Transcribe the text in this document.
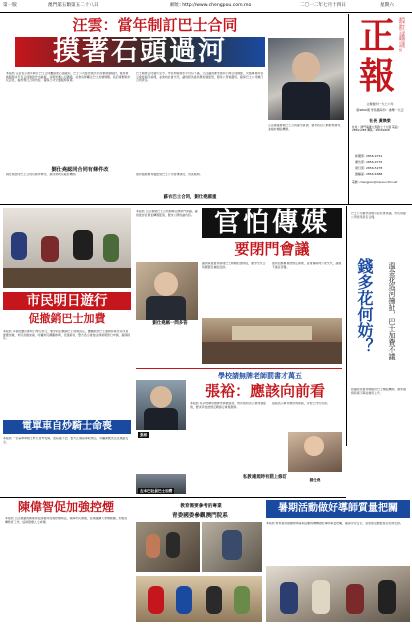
第一版	澳門第五類第五二十八日	網址: http://www.chengpou.com.mo	二〇一二年七月十四日	星期六
汪雲：當年制訂巴士合同
摸著石頭過河
本報訊 汪雲表示當年制訂巴士合同屬摸著石頭過河，巴士公司經營模式仍需要時間檢討，當局會就服務水平及合同條款作出檢視，並與營運公司溝通，社會各界關注巴士加費問題，政府會聽取市民意見，檢討現行合同內容，確保公共交通服務質素。
巴士服務合同簽訂至今，市民對服務水平仍有不滿，立法議員要求當局公開合同細節，交通事務局表示會按程序處理，並會向社會交代，議員認為當局應加強監管，避免公帑被濫用，確保巴士公司履行合同責任。
劉仕堯認同合同有條件改
劉仕堯認同巴士合同有條件修改，當局會研究檢討機制。	當局強調會持續監察巴士公司營運情況，改善服務。
立法會議員就巴士合同提出質詢，要求政府公開財務資料，並檢討補貼機制。
蘇衣巴士合同，劉仕堯國重
正報
澳門報業歷史悠久大眾喜歡閱讀可靠的報紙
主辦創刊一九七六年
第9800期 零售價每份：港幣一元正
社長 黃煥榮
社址：澳門海邊大馬路七十九號 電話：28561288 傳真：28561866
新聞部: 2856-9752
廣告部: 2856-9776
發行部: 2856-5278
總編室: 2856-4688
電郵: chengpou@macau.ctm.net
市民明日遊行
促撤銷巴士加費
本報訊 多個社團宣佈明日舉行遊行，要求政府撤銷巴士加費決定，團體批評巴士服務質素未有改善卻要加費，市民負擔加重，呼籲市民踴躍參與，表達訴求，警方表示會按法律處理遊行申請，確保秩序。
本報訊 立法會就巴士合同問題召開閉門會議，議員批評官員怕傳媒監察，要求公開討論內容。 官怕傳媒
要閉門會議
議員質疑當局處理巴士問題的透明度，要求交代合同細節及補貼安排。
當局回應稱會按規定處理，並會適時向公眾交代，議員不滿意答覆。
劉仕堯稱一問多答	錢多花何妨？	溫金花巡河撞扯，巴士加費不議
巴士公司要求加費引起社會爭議，市民質疑公帑使用是否合理。
評論認為當局應檢討巴士補貼機制，避免服務質素下降而費用上升。
學校請無牌老師罰書才萬五
張裕：應該向前看
張裕
本報訊 有學校聘用無牌老師被罰款，教育當局表示會加強監察，要求學校按規定聘請合資格教師。
張裕表示事件應該向前看，學校已作出改善。
私教違規時有罰上修訂
電單車自炒騎士命喪
本報訊 一名電單車騎士昨日自炒受傷，送院後不治，警方正調查事故原因，呼籲駕駛者注意道路安全。
左本巴社員巴士加費
劉仕堯
陳偉智促加強控煙
本報訊 立法會議員陳偉智促請當局加強控煙執法，保障市民健康，並建議擴大禁煙範圍，加強宣傳教育工作，協助吸煙人士戒煙。
青委國委參觀澳門院系
教育需要參考的專業	暑期活動做好導師質量把關
本報訊 教育當局提醒舉辦暑期活動的機構做好導師質量把關，確保學生安全，並加強活動監察及培訓安排。
